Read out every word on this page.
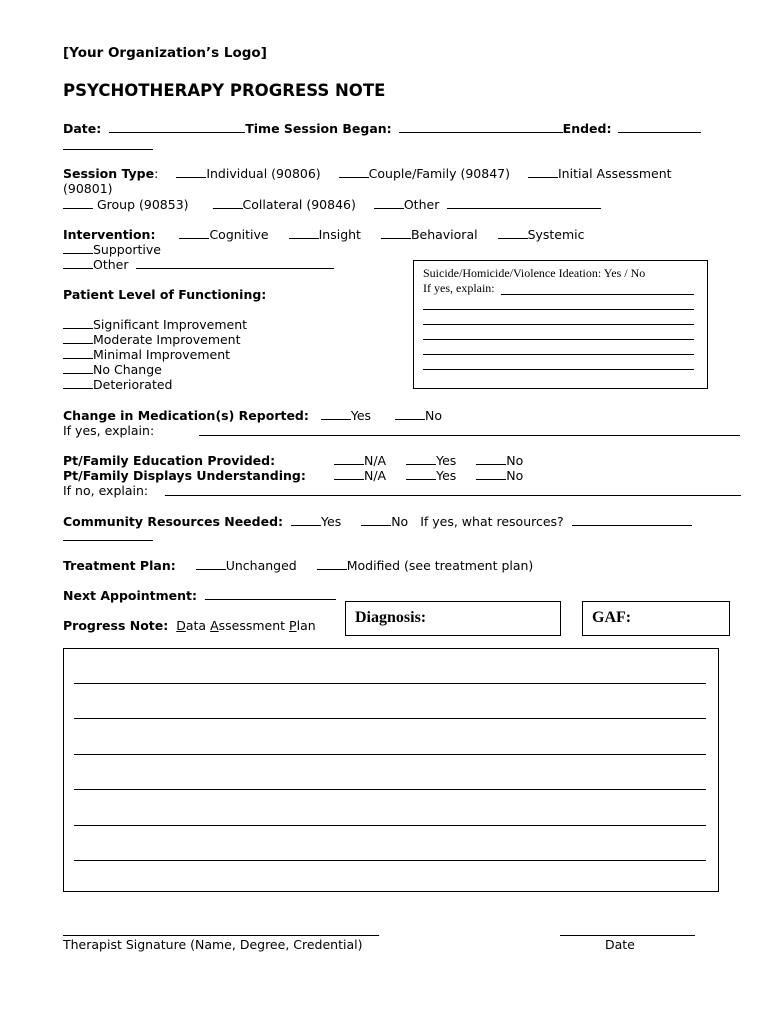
[Your Organization’s Logo]
PSYCHOTHERAPY PROGRESS NOTE
Date:	Time Session Began:	Ended:
Session Type:	Individual (90806)	Couple/Family (90847)	Initial Assessment
(90801)
Group (90853)	Collateral (90846)	Other
Intervention:	Cognitive	Insight	Behavioral	Systemic
Supportive
Other
Patient Level of Functioning:
Significant Improvement
Moderate Improvement
Minimal Improvement
No Change
Deteriorated
Suicide/Homicide/Violence Ideation: Yes / No
If yes, explain:
Change in Medication(s) Reported:	Yes	No
If yes, explain:
Pt/Family Education Provided:	N/A	Yes	No
Pt/Family Displays Understanding:	N/A	Yes	No
If no, explain:
Community Resources Needed:	Yes	No If yes, what resources?
Treatment Plan:	Unchanged	Modified (see treatment plan)
Next Appointment:
Progress Note: Data Assessment Plan Diagnosis:	GAF:
Therapist Signature (Name, Degree, Credential)	Date
